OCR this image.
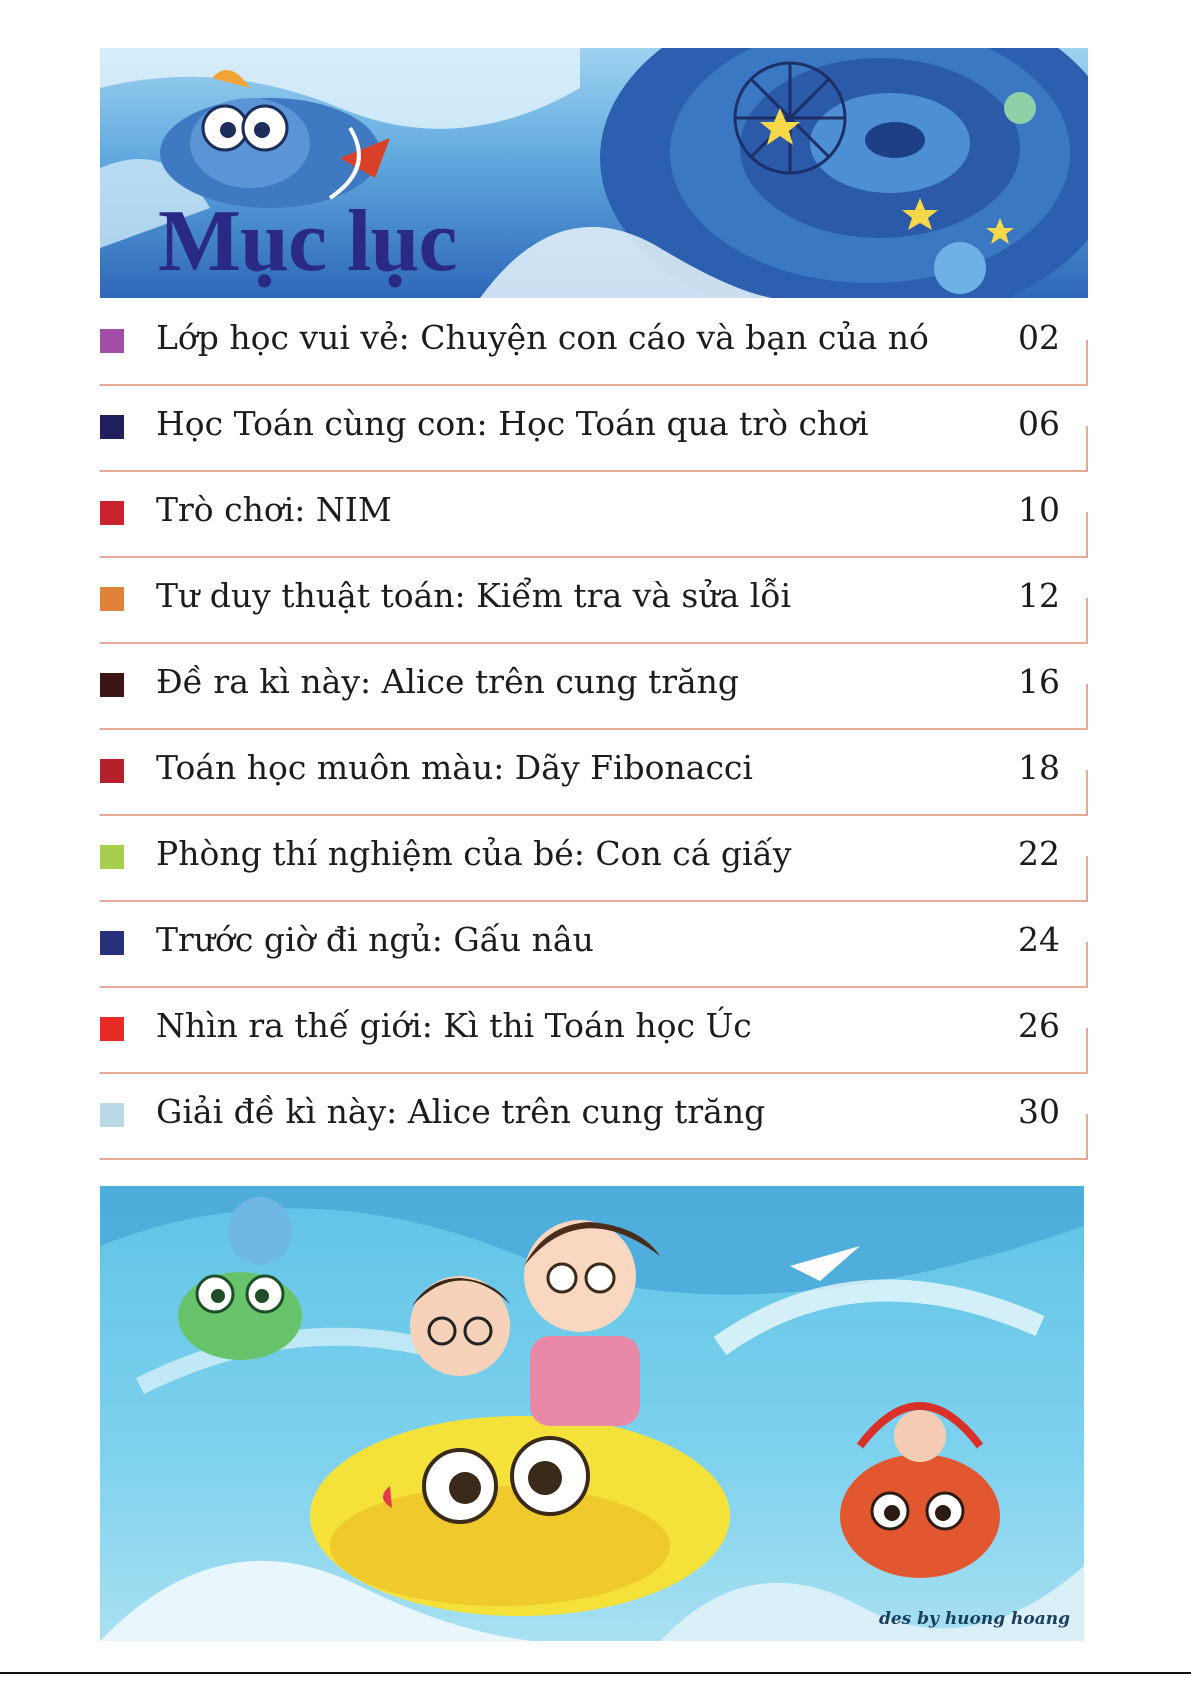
Mục lục
Lớp học vui vẻ: Chuyện con cáo và bạn của nó	02
Học Toán cùng con: Học Toán qua trò chơi	06
Trò chơi: NIM	10
Tư duy thuật toán: Kiểm tra và sửa lỗi	12
Đề ra kì này: Alice trên cung trăng	16
Toán học muôn màu: Dãy Fibonacci	18
Phòng thí nghiệm của bé: Con cá giấy	22
Trước giờ đi ngủ: Gấu nâu	24
Nhìn ra thế giới: Kì thi Toán học Úc	26
Giải đề kì này: Alice trên cung trăng	30
des by huong hoang
